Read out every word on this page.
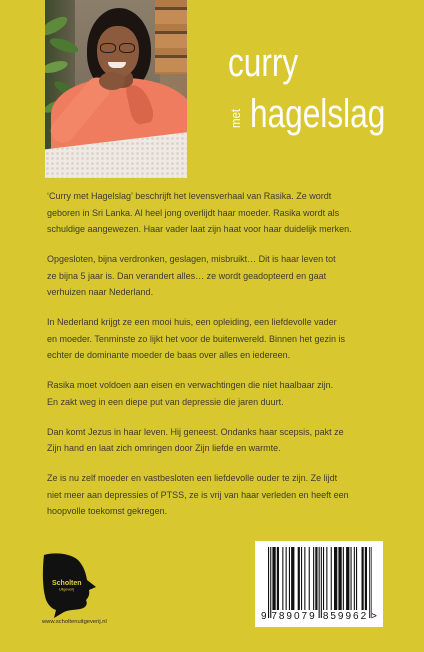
curry
met hagelslag

‘Curry met Hagelslag’ beschrijft het levensverhaal van Rasika. Ze wordt
geboren in Sri Lanka. Al heel jong overlijdt haar moeder. Rasika wordt als
schuldige aangewezen. Haar vader laat zijn haat voor haar duidelijk merken.

Opgesloten, bijna verdronken, geslagen, misbruikt… Dit is haar leven tot
ze bijna 5 jaar is. Dan verandert alles… ze wordt geadopteerd en gaat
verhuizen naar Nederland.

In Nederland krijgt ze een mooi huis, een opleiding, een liefdevolle vader
en moeder. Tenminste zo lijkt het voor de buitenwereld. Binnen het gezin is
echter de dominante moeder de baas over alles en iedereen.

Rasika moet voldoen aan eisen en verwachtingen die niet haalbaar zijn.
En zakt weg in een diepe put van depressie die jaren duurt.

Dan komt Jezus in haar leven. Hij geneest. Ondanks haar scepsis, pakt ze
Zijn hand en laat zich omringen door Zijn liefde en warmte.

Ze is nu zelf moeder en vastbesloten een liefdevolle ouder te zijn. Ze lijdt
niet meer aan depressies of PTSS, ze is vrij van haar verleden en heeft een
hoopvolle toekomst gekregen.

Scholten
Uitgeverij
www.scholtenuitgeverij.nl	9 789079 859962 >
